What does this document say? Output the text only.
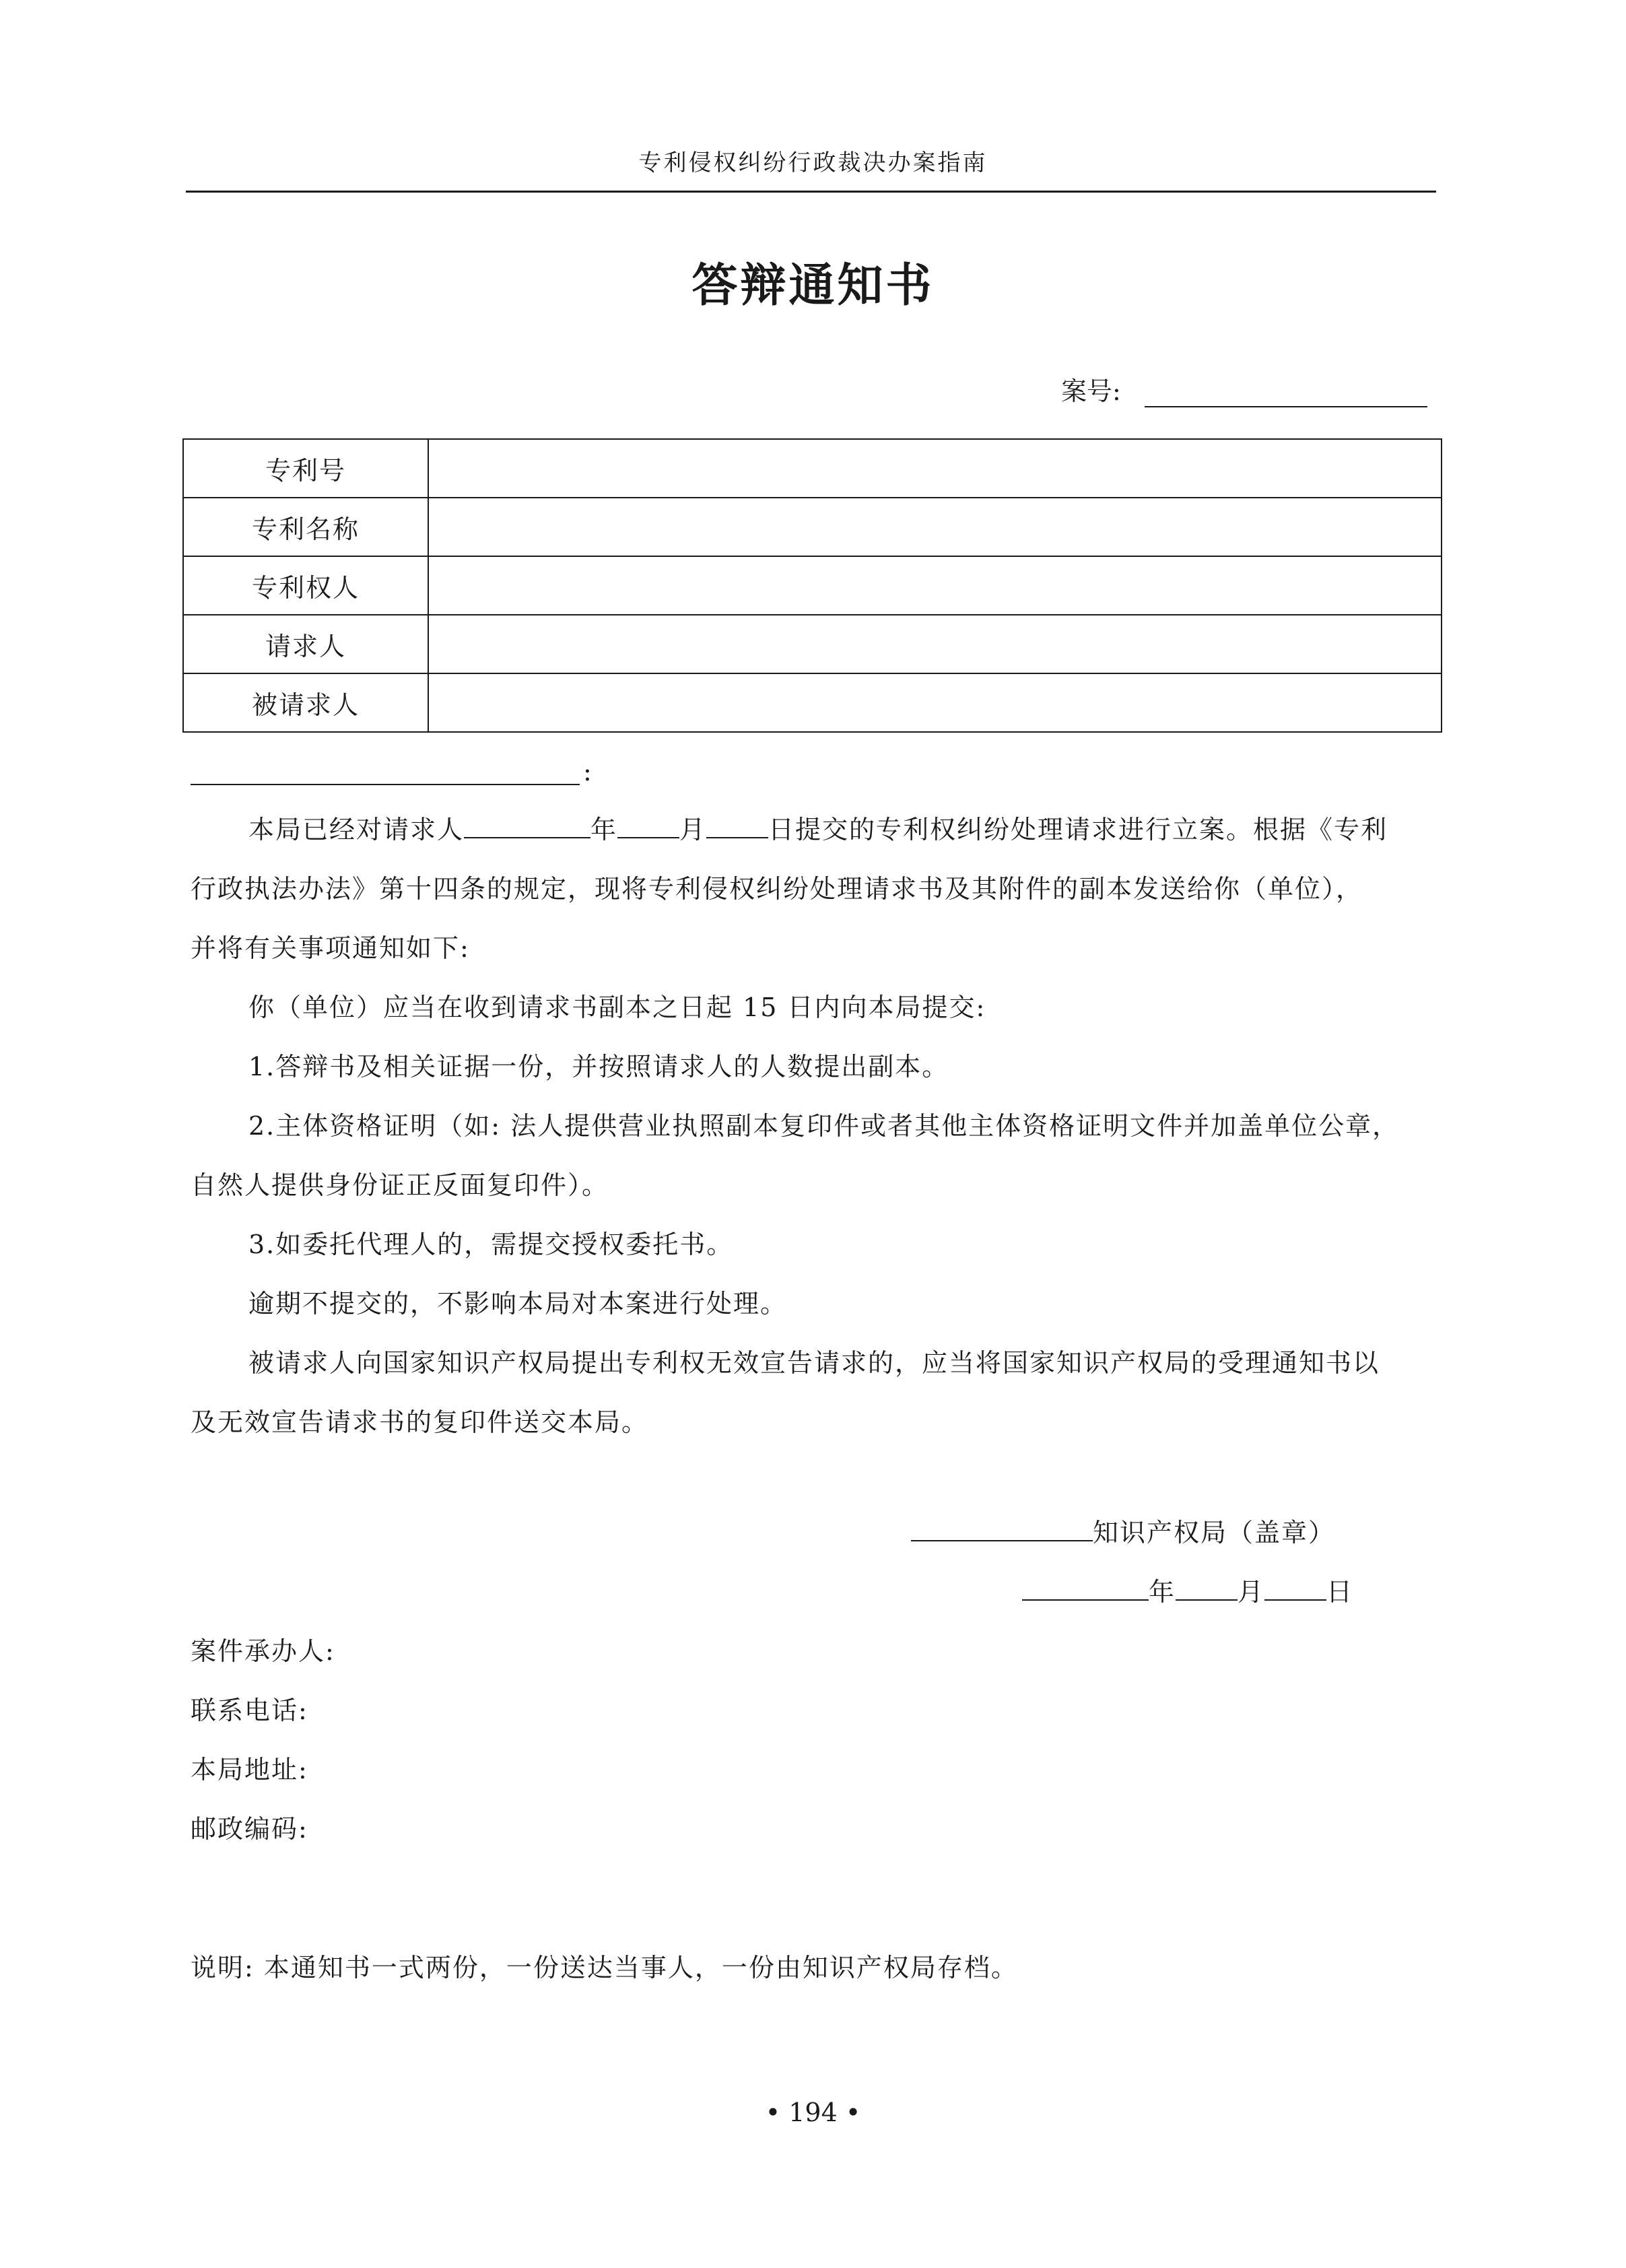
专利侵权纠纷行政裁决办案指南
答辩通知书
案号:
专利号	
专利名称	
专利权人	
请求人	
被请求人	
:
本局已经对请求人	年 月 日提交的专利权纠纷处理请求进行立案。根据《专利
行政执法办法》第十四条的规定，现将专利侵权纠纷处理请求书及其附件的副本发送给你（单位），
并将有关事项通知如下:
你（单位）应当在收到请求书副本之日起 15 日内向本局提交:
1.答辩书及相关证据一份，并按照请求人的人数提出副本。
2.主体资格证明（如: 法人提供营业执照副本复印件或者其他主体资格证明文件并加盖单位公章，
自然人提供身份证正反面复印件）。
3.如委托代理人的，需提交授权委托书。
逾期不提交的，不影响本局对本案进行处理。
被请求人向国家知识产权局提出专利权无效宣告请求的，应当将国家知识产权局的受理通知书以
及无效宣告请求书的复印件送交本局。
知识产权局（盖章）
年 月 日
案件承办人:
联系电话:
本局地址:
邮政编码:
说明: 本通知书一式两份，一份送达当事人，一份由知识产权局存档。
• 194 •
